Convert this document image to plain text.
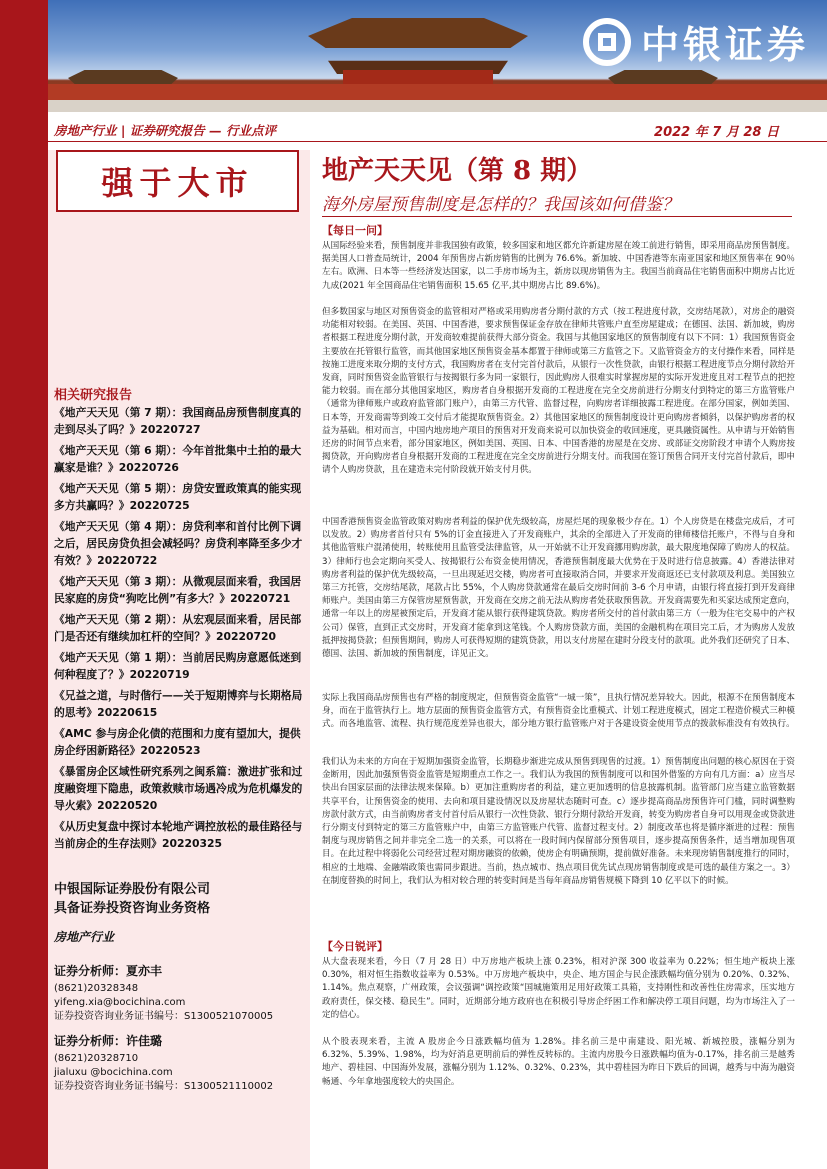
中银证券
房地产行业 | 证券研究报告 — 行业点评	2022 年 7 月 28 日
强于大市	地产天天见（第 8 期）
海外房屋预售制度是怎样的？我国该如何借鉴？
【每日一问】
从国际经验来看，预售制度并非我国独有政策，较多国家和地区都允许新建房屋在竣工前进行销售，即采用商品房预售制度。据美国人口普查局统计，2004 年预售房占新房销售的比例为 76.6%。新加坡、中国香港等东南亚国家和地区预售率在 90％左右。欧洲、日本等一些经济发达国家，以二手房市场为主，新房以现房销售为主。我国当前商品住宅销售面积中期房占比近九成(2021 年全国商品住宅销售面积 15.65 亿平,其中期房占比 89.6%)。
但多数国家与地区对预售资金的监管相对严格或采用购房者分期付款的方式（按工程进度付款，交房结尾款），对房企的融资功能相对较弱。在美国、英国、中国香港，要求预售保证金存放在律师共管账户直至房屋建成；在德国、法国、新加坡，购房者根据工程进度分期付款，开发商较难提前获得大部分资金。我国与其他国家地区的预售制度有以下不同：1）我国预售资金主要放在托管银行监管，而其他国家地区预售资金基本都置于律师或第三方监管之下。又监管资金方的支付操作来看，同样是按施工进度来取分期的支付方式，我国购房者在支付完首付款后，从银行一次性贷款，由银行根据工程进度节点分期付款给开发商，同时预售资金监管银行与按揭银行多为同一家银行，因此购房人很难实时掌握房屋的实际开发进度且对工程节点的把控能力较弱。而在部分其他国家地区，购房者自身根据开发商的工程进度在完全交房前进行分期支付到特定的第三方监管账户（通常为律师账户或政府监管部门账户），由第三方代管、监督过程，向购房者详细披露工程进度。在部分国家，例如美国、日本等，开发商需等到竣工交付后才能提取预售资金。2）其他国家地区的预售制度设计更向购房者倾斜，以保护购房者的权益为基础。相对而言，中国内地房地产项目的预售对开发商来说可以加快资金的收回速度，更具融资属性。从申请与开始销售还房的时间节点来看，部分国家地区，例如美国、英国、日本、中国香港的房屋是在交房、或部证交房阶段才申请个人购房按揭贷款，开向购房者自身根据开发商的工程进度在完全交房前进行分期支付。而我国在签订预售合同开支付完首付款后，即申请个人购房贷款，且在建造未完付阶段就开始支付月供。
中国香港预售资金监管政策对购房者利益的保护优先级较高，房屋烂尾的现象极少存在。1）个人房贷是在楼盘完成后，才可以发放。2）购房者首付只有 5%的订金直接进入了开发商账户，其余的全部进入了开发商的律师楼信托账户，不得与自身和其他监管账户混淆使用，转账使用且监管受法律监管，从一开始就不让开发商挪用购房款，最大限度地保障了购房人的权益。3）律师行也会定期向买受人、按揭银行公布资金使用情况，香港预售制度最大优势在于及时进行信息披露。4）香港法律对购房者利益的保护优先级较高，一旦出现延迟交楼，购房者可直接取消合同，并要求开发商返还已支付款项及利息。美国独立第三方托管，交房结尾款，尾款占比 55%，个人购房贷款通常在最后交房时间前 3-6 个月申请，由银行将直接打到开发商律师账户。美国由第三方保管房屋预售款，开发商在交房之前无法从购房者处获取预售款。开发商需要先和买家达成预定意向，通常一年以上的房屋被预定后，开发商才能从银行获得建筑贷款。购房者所交付的首付款由第三方（一般为住宅交易中的产权公司）保管，直到正式交房时，开发商才能拿到这笔钱。个人购房贷款方面，美国的金融机构在项目完工后，才为购房人发放抵押按揭贷款；但预售期间，购房人可获得短期的建筑贷款，用以支付房屋在建时分段支付的款项。此外我们还研究了日本、德国、法国、新加坡的预售制度，详见正文。
实际上我国商品房预售也有严格的制度规定，但预售资金监管“一城一策”，且执行情况差异较大。因此，根源不在预售制度本身，而在于监管执行上。地方层面的预售资金监管方式，有预售资金比重模式、计划工程进度模式，固定工程造价模式三种模式。而各地监管、流程、执行规范度差异也很大，部分地方银行监管账户对于各建设资金使用节点的拨款标准没有有效执行。
我们认为未来的方向在于短期加强资金监管，长期稳步渐进完成从预售到现售的过渡。1）预售制度出问题的核心原因在于资金断用，因此加强预售资金监管是短期重点工作之一。我们认为我国的预售制度可以和国外借鉴的方向有几方面：a）应当尽快出台国家层面的法律法规来保障。b）更加注重购房者的利益，建立更加透明的信息披露机制。监管部门应当建立监管数据共享平台，让预售资金的使用、去向和项目建设情况以及房屋状态随时可查。c）逐步提高商品房预售许可门槛，同时调整购房款付款方式，由当前购房者支付首付后从银行一次性贷款、银行分期付款给开发商，转变为购房者自身可以用现金或贷款进行分期支付到特定的第三方监管账户中，由第三方监管账户代管、监督过程支付。2）制度改革也将是循序渐进的过程：预售制度与现房销售之间并非完全二选一的关系，可以将在一段时间内保留部分预售项目，逐步提高预售条件，适当增加现售项目。在此过程中将弱化公司经营过程对期房融资的依赖，使房企有明确预期，提前做好准备。未来现房销售制度推行的同时，相应的土地端、金融端政策也需同步跟进。当前，热点城市、热点项目优先试点现房销售制度或是可选的最佳方案之一。3）在制度替换的时间上，我们认为相对较合理的转变时间是当每年商品房销售规模下降到 10 亿平以下的时候。
【今日锐评】
从大盘表现来看，今日（7 月 28 日）中万房地产板块上涨 0.23%，相对沪深 300 收益率为 0.22%；恒生地产板块上涨 0.30%，相对恒生指数收益率为 0.53%。中万房地产板块中，央企、地方国企与民企涨跌幅均值分别为 0.20%、0.32%、1.14%。焦点观察，广州政策，会议强调“调控政策“国城施策用足用好政策工具箱，支持刚性和改善性住房需求，压实地方政府责任，保交楼、稳民生”。同时，近期部分地方政府也在积极引导房企纾困工作和解决停工项目问题，均为市场注入了一定的信心。
从个股表现来看，主流 A 股房企今日涨跌幅均值为 1.28%。排名前三是中南建设、阳光城、新城控股，涨幅分别为 6.32%、5.39%、1.98%，均为好消息更明前后的弹性反转标的。主流内房股今日涨跌幅均值为-0.17%，排名前三是越秀地产、碧桂园、中国海外发展，涨幅分别为 1.12%、0.32%、0.23%，其中碧桂园为昨日下跌后的回调，越秀与中海为融资畅通、今年拿地强度较大的央国企。
相关研究报告

《地产天天见（第 7 期）：我国商品房预售制度真的走到尽头了吗？》20220727

《地产天天见（第 6 期）：今年首批集中土拍的最大赢家是谁？》20220726

《地产天天见（第 5 期）：房贷安置政策真的能实现多方共赢吗？》20220725

《地产天天见（第 4 期）：房贷利率和首付比例下调之后，居民房贷负担会减轻吗？房贷利率降至多少才有效？》20220722

《地产天天见（第 3 期）：从微观层面来看，我国居民家庭的房贷“狗吃比例”有多大？》20220721

《地产天天见（第 2 期）：从宏观层面来看，居民部门是否还有继续加杠杆的空间？》20220720

《地产天天见（第 1 期）：当前居民购房意愿低迷到何种程度了？》20220719

《兄益之道，与时偕行——关于短期博弈与长期格局的思考》20220615

《AMC 参与房企化债的范围和力度有望加大，提供房企纾困新路径》20220523

《暴雷房企区域性研究系列之闽系篇：激进扩张和过度融资埋下隐患，政策救赎市场遇冷成为危机爆发的导火索》20220520

《从历史复盘中探讨本轮地产调控放松的最佳路径与当前房企的生存法则》20220325

中银国际证券股份有限公司
具备证券投资咨询业务资格
房地产行业
证券分析师：夏亦丰
(8621)20328348
yifeng.xia@bocichina.com
证券投资咨询业务证书编号：S1300521070005
证券分析师：许佳璐
(8621)20328710
jialuxu @bocichina.com
证券投资咨询业务证书编号：S1300521110002
